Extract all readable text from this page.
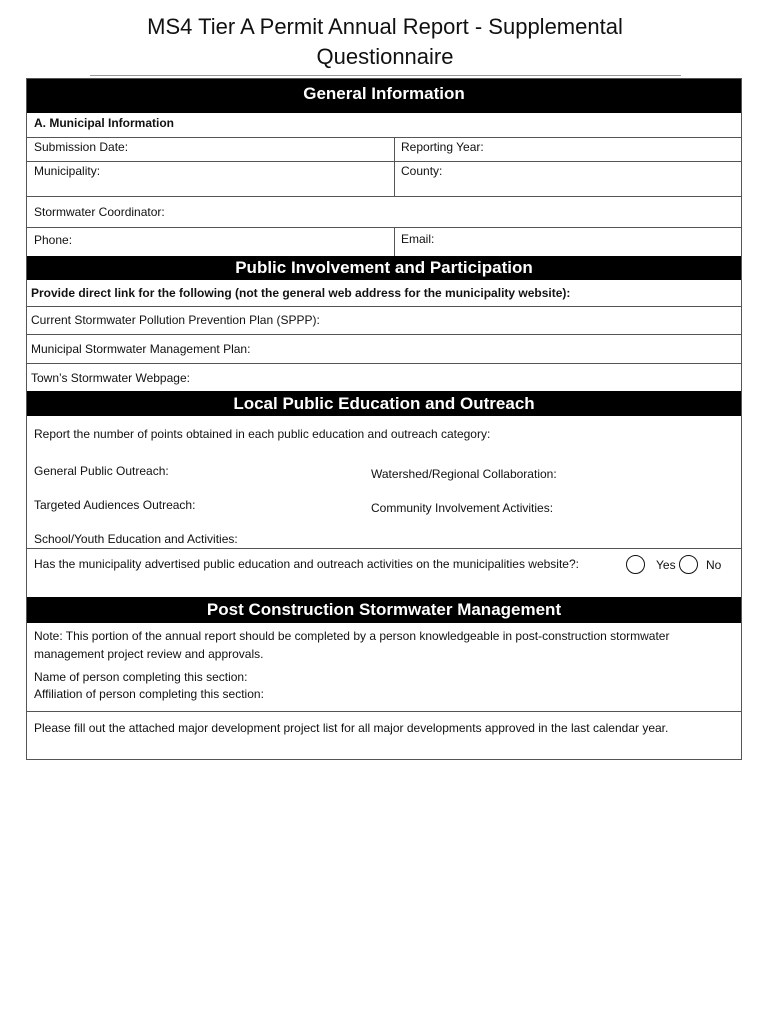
MS4 Tier A Permit Annual Report - Supplemental
Questionnaire
General Information
A. Municipal Information
Submission Date:	Reporting Year:
Municipality:	County:
Stormwater Coordinator:
Phone:	Email:
Public Involvement and Participation
Provide direct link for the following (not the general web address for the municipality website):
Current Stormwater Pollution Prevention Plan (SPPP):
Municipal Stormwater Management Plan:
Town’s Stormwater Webpage:
Local Public Education and Outreach
Report the number of points obtained in each public education and outreach category:
General Public Outreach:	Watershed/Regional Collaboration:
Targeted Audiences Outreach:	Community Involvement Activities:
School/Youth Education and Activities:
Has the municipality advertised public education and outreach activities on the municipalities website?:	Yes	No
Post Construction Stormwater Management
Note: This portion of the annual report should be completed by a person knowledgeable in post-construction stormwater
management project review and approvals.
Name of person completing this section:
Affiliation of person completing this section:
Please fill out the attached major development project list for all major developments approved in the last calendar year.
